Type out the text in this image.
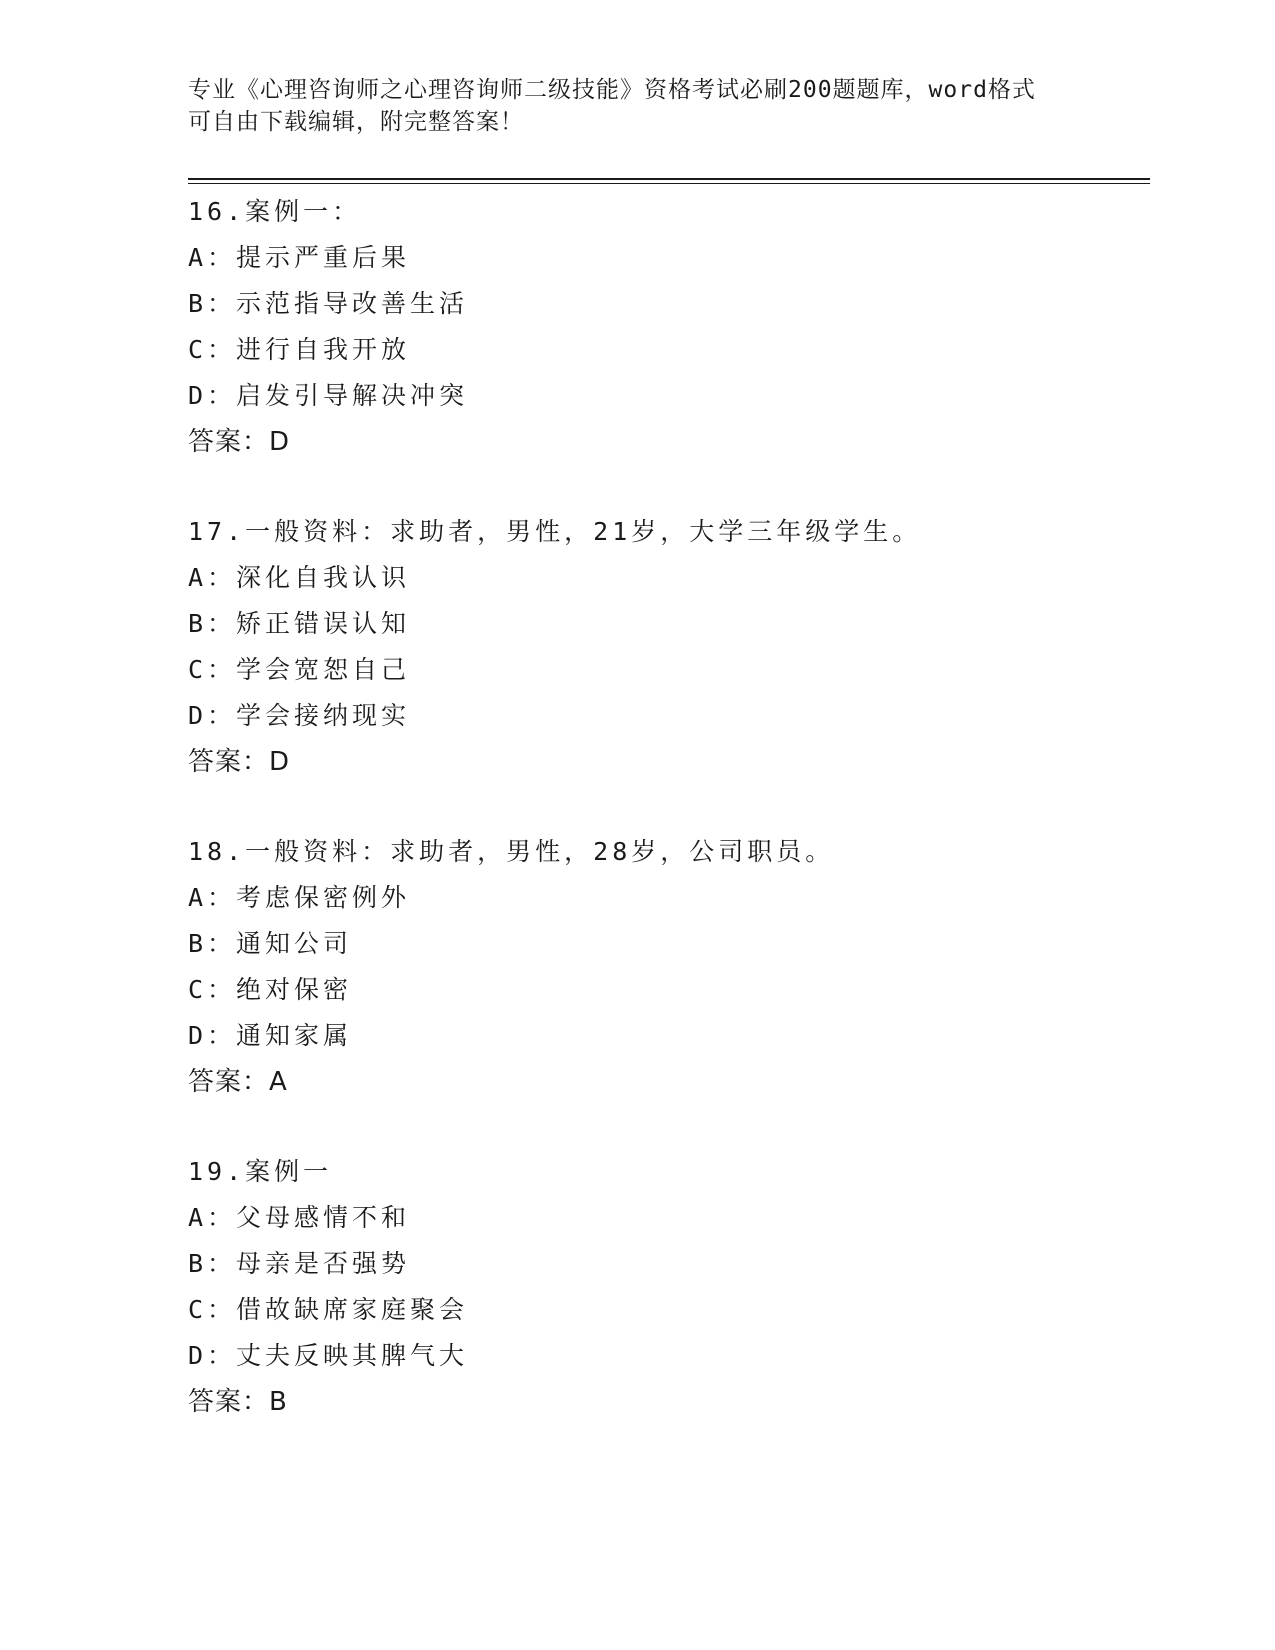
专业《心理咨询师之心理咨询师二级技能》资格考试必刷200题题库，word格式
可自由下载编辑，附完整答案！
16.案例一：
A：提示严重后果
B：示范指导改善生活
C：进行自我开放
D：启发引导解决冲突
答案：D
17.一般资料：求助者，男性，21岁，大学三年级学生。
A：深化自我认识
B：矫正错误认知
C：学会宽恕自己
D：学会接纳现实
答案：D
18.一般资料：求助者，男性，28岁，公司职员。
A：考虑保密例外
B：通知公司
C：绝对保密
D：通知家属
答案：A
19.案例一
A：父母感情不和
B：母亲是否强势
C：借故缺席家庭聚会
D：丈夫反映其脾气大
答案：B
